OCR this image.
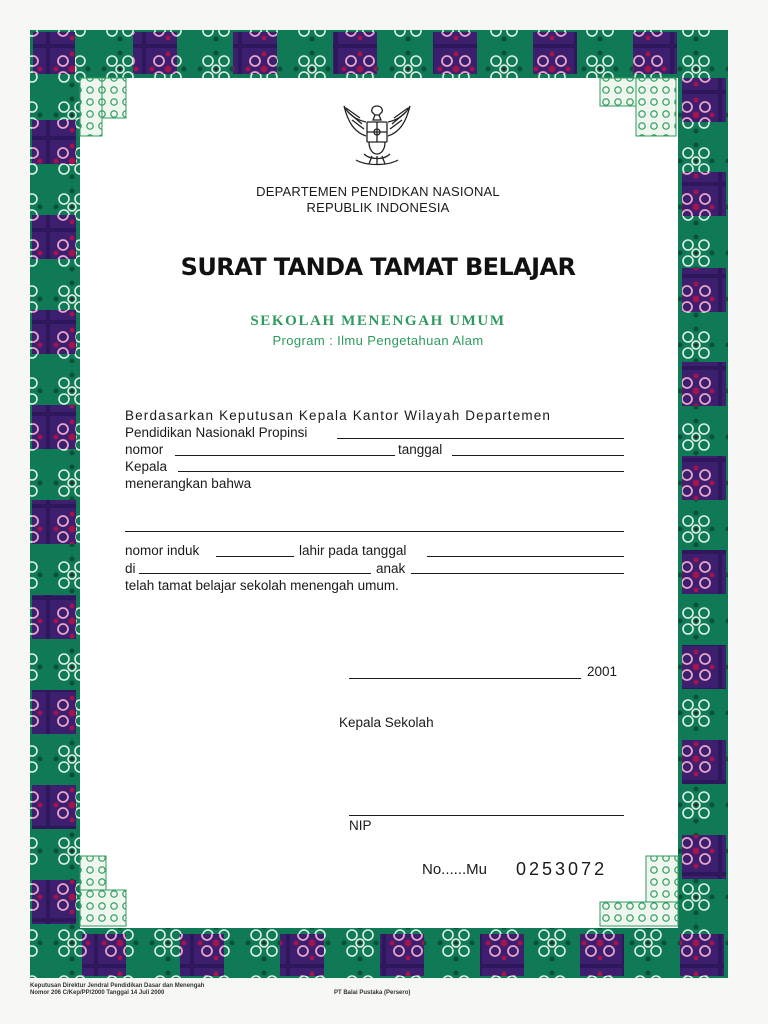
DEPARTEMEN PENDIDKAN NASIONAL
REPUBLIK INDONESIA
SURAT TANDA TAMAT BELAJAR
SEKOLAH MENENGAH UMUM
Program : Ilmu Pengetahuan Alam
Berdasarkan Keputusan Kepala Kantor Wilayah Departemen
Pendidikan Nasionakl Propinsi
nomor	tanggal
Kepala
menerangkan bahwa
nomor induk	lahir pada tanggal
di	anak
telah tamat belajar sekolah menengah umum.
2001
Kepala Sekolah
NIP
No......Mu 0253072
Keputusan Direktur Jendral Pendidikan Dasar dan Menengah
Nomor 206 C/Kep/PP/2000 Tanggal 14 Juli 2000	PT Balai Pustaka (Persero)
